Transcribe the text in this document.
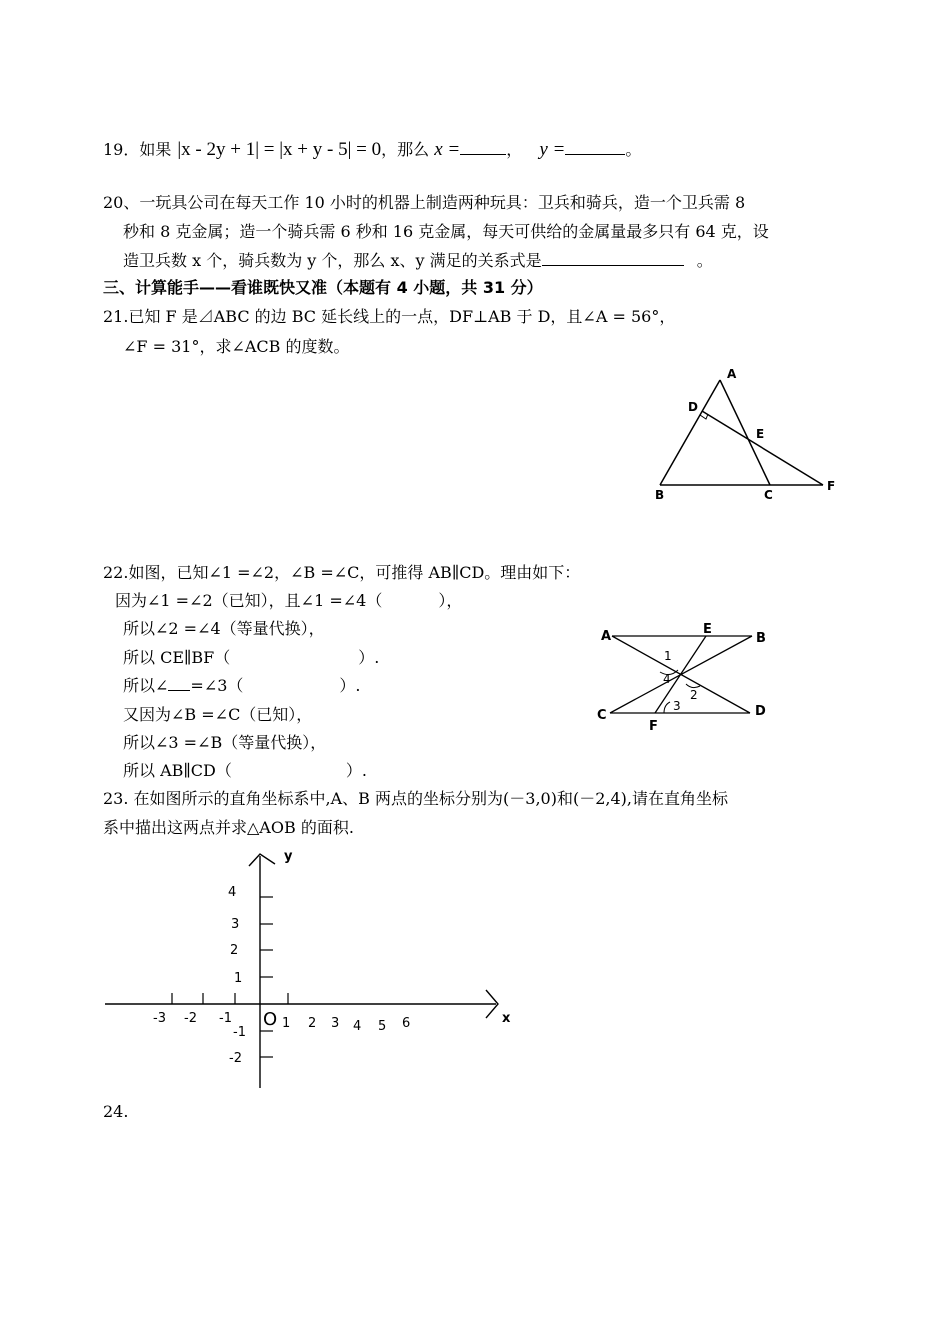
19．如果 |x - 2y + 1| = |x + y - 5| = 0，那么 x =	， y =	。
20、一玩具公司在每天工作 10 小时的机器上制造两种玩具：卫兵和骑兵，造一个卫兵需 8
秒和 8 克金属；造一个骑兵需 6 秒和 16 克金属，每天可供给的金属量最多只有 64 克，设
造卫兵数 x 个，骑兵数为 y 个，那么 x、y 满足的关系式是	。
三、计算能手——看谁既快又准（本题有 4 小题，共 31 分）
21.已知 F 是⊿ABC 的边 BC 延长线上的一点，DF⊥AB 于 D，且∠A = 56°，
∠F = 31°，求∠ACB 的度数。
A
D
E
B	C
F
22.如图，已知∠1 =∠2，∠B =∠C，可推得 AB∥CD。理由如下：
因为∠1 =∠2（已知），且∠1 =∠4（	），
所以∠2 =∠4（等量代换），
所以 CE∥BF（	）.
所以∠ =∠3（	）.
又因为∠B =∠C（已知），
所以∠3 =∠B（等量代换），
所以 AB∥CD（	）.
A	E
B
C
F
D
1
4
2
3
23. 在如图所示的直角坐标系中,A、B 两点的坐标分别为(－3,0)和(－2,4),请在直角坐标
系中描出这两点并求△AOB 的面积.
y
x
O
-3 -2 -1	1 2 3 4 5 6
4
3
2
1
-1
-2
24.
